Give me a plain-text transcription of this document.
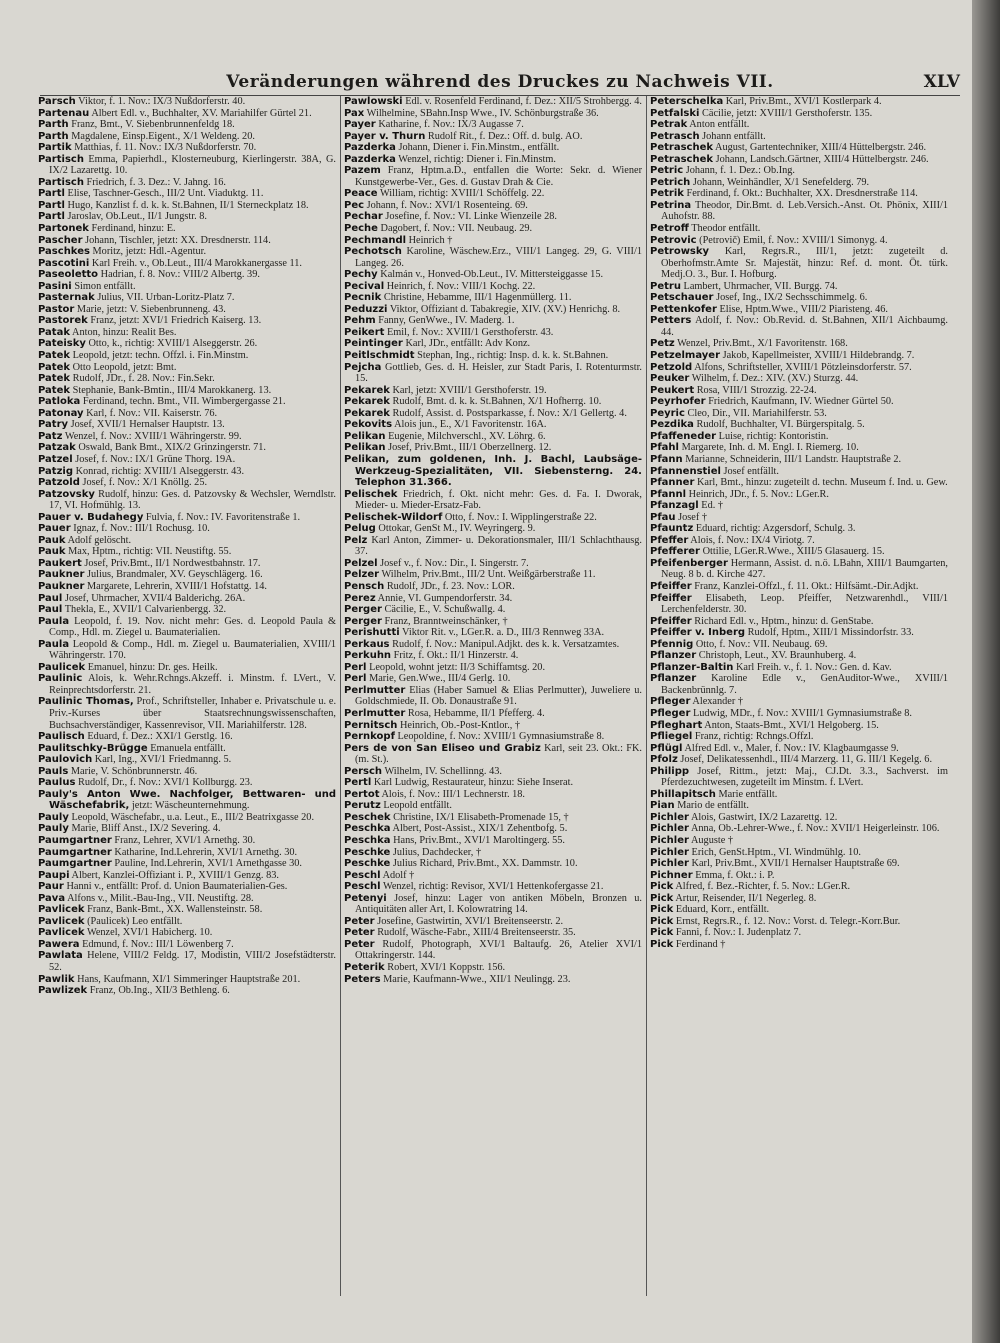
Veränderungen während des Druckes zu Nachweis VII.	XLV

Parsch Viktor, f. 1. Nov.: IX/3 Nußdorferstr. 40.

Partenau Albert Edl. v., Buchhalter, XV. Mariahilfer Gürtel 21.

Parth Franz, Bmt., V. Siebenbrunnenfeldg 18.

Parth Magdalene, Einsp.Eigent., X/1 Weldeng. 20.

Partik Matthias, f. 11. Nov.: IX/3 Nußdorferstr. 70.

Partisch Emma, Papierhdl., Klosterneuburg, Kierlingerstr. 38A, G. IX/2 Lazarettg. 10.

Partisch Friedrich, f. 3. Dez.: V. Jahng. 16.

Partl Elise, Taschner-Gesch., III/2 Unt. Viaduktg. 11.

Partl Hugo, Kanzlist f. d. k. k. St.Bahnen, II/1 Sterneckplatz 18.

Partl Jaroslav, Ob.Leut., II/1 Jungstr. 8.

Partonek Ferdinand, hinzu: E.

Pascher Johann, Tischler, jetzt: XX. Dresdnerstr. 114.

Paschkes Moritz, jetzt: Hdl.-Agentur.

Pascotini Karl Freih. v., Ob.Leut., III/4 Marokkanergasse 11.

Paseoletto Hadrian, f. 8. Nov.: VIII/2 Albertg. 39.

Pasini Simon entfällt.

Pasternak Julius, VII. Urban-Loritz-Platz 7.

Pastor Marie, jetzt: V. Siebenbrunneng. 43.

Pastorek Franz, jetzt: XVI/1 Friedrich Kaiserg. 13.

Patak Anton, hinzu: Realit Bes.

Pateisky Otto, k., richtig: XVIII/1 Alseggerstr. 26.

Patek Leopold, jetzt: techn. Offzl. i. Fin.Minstm.

Patek Otto Leopold, jetzt: Bmt.

Patek Rudolf, JDr., f. 28. Nov.: Fin.Sekr.

Patek Stephanie, Bank-Bmtin., III/4 Marokkanerg. 13.

Patloka Ferdinand, techn. Bmt., VII. Wimbergergasse 21.

Patonay Karl, f. Nov.: VII. Kaiserstr. 76.

Patry Josef, XVII/1 Hernalser Hauptstr. 13.

Patz Wenzel, f. Nov.: XVIII/1 Währingerstr. 99.

Patzak Oswald, Bank Bmt., XIX/2 Grinzingerstr. 71.

Patzel Josef, f. Nov.: IX/1 Grüne Thorg. 19A.

Patzig Konrad, richtig: XVIII/1 Alseggerstr. 43.

Patzold Josef, f. Nov.: X/1 Knöllg. 25.

Patzovsky Rudolf, hinzu: Ges. d. Patzovsky & Wechsler, Werndlstr. 17, VI. Hofmühlg. 13.

Pauer v. Budahegy Fulvia, f. Nov.: IV. Favoritenstraße 1.

Pauer Ignaz, f. Nov.: III/1 Rochusg. 10.

Pauk Adolf gelöscht.

Pauk Max, Hptm., richtig: VII. Neustiftg. 55.

Paukert Josef, Priv.Bmt., II/1 Nordwestbahnstr. 17.

Paukner Julius, Brandmaler, XV. Geyschlägerg. 16.

Paukner Margarete, Lehrerin, XVIII/1 Hofstattg. 14.

Paul Josef, Uhrmacher, XVII/4 Balderichg. 26A.

Paul Thekla, E., XVII/1 Calvarienbergg. 32.

Paula Leopold, f. 19. Nov. nicht mehr: Ges. d. Leopold Paula & Comp., Hdl. m. Ziegel u. Baumaterialien.

Paula Leopold & Comp., Hdl. m. Ziegel u. Baumaterialien, XVIII/1 Währingerstr. 170.

Paulicek Emanuel, hinzu: Dr. ges. Heilk.

Paulinic Alois, k. Wehr.Rchngs.Akzeff. i. Minstm. f. LVert., V. Reinprechtsdorferstr. 21.

Paulinic Thomas, Prof., Schriftsteller, Inhaber e. Privatschule u. e. Priv.-Kurses über Staatsrechnungswissenschaften, Buchsachverständiger, Kassenrevisor, VII. Mariahilferstr. 128.

Paulisch Eduard, f. Dez.: XXI/1 Gerstlg. 16.

Paulitschky-Brügge Emanuela entfällt.

Paulovich Karl, Ing., XVI/1 Friedmanng. 5.

Pauls Marie, V. Schönbrunnerstr. 46.

Paulus Rudolf, Dr., f. Nov.: XVI/1 Kollburgg. 23.

Pauly's Anton Wwe. Nachfolger, Bettwaren- und Wäschefabrik, jetzt: Wäscheunternehmung.

Pauly Leopold, Wäschefabr., u.a. Leut., E., III/2 Beatrixgasse 20.

Pauly Marie, Bliff Anst., IX/2 Severing. 4.

Paumgartner Franz, Lehrer, XVI/1 Arnethg. 30.

Paumgartner Katharine, Ind.Lehrerin, XVI/1 Arnethg. 30.

Paumgartner Pauline, Ind.Lehrerin, XVI/1 Arnethgasse 30.

Paupi Albert, Kanzlei-Offiziant i. P., XVIII/1 Genzg. 83.

Paur Hanni v., entfällt: Prof. d. Union Baumaterialien-Ges.

Pava Alfons v., Milit.-Bau-Ing., VII. Neustiftg. 28.

Pavlicek Franz, Bank-Bmt., XX. Wallensteinstr. 58.

Pavlicek (Paulicek) Leo entfällt.

Pavlicek Wenzel, XVI/1 Habicherg. 10.

Pawera Edmund, f. Nov.: III/1 Löwenberg 7.

Pawlata Helene, VIII/2 Feldg. 17, Modistin, VIII/2 Josefstädterstr. 52.

Pawlik Hans, Kaufmann, XI/1 Simmeringer Hauptstraße 201.

Pawlizek Franz, Ob.Ing., XII/3 Bethleng. 6.

Pawlowski Edl. v. Rosenfeld Ferdinand, f. Dez.: XII/5 Strohbergg. 4.

Pax Wilhelmine, SBahn.Insp Wwe., IV. Schönburgstraße 36.

Payer Katharine, f. Nov.: IX/3 Augasse 7.

Payer v. Thurn Rudolf Rit., f. Dez.: Off. d. bulg. AO.

Pazderka Johann, Diener i. Fin.Minstm., entfällt.

Pazderka Wenzel, richtig: Diener i. Fin.Minstm.

Pazem Franz, Hptm.a.D., entfallen die Worte: Sekr. d. Wiener Kunstgewerbe-Ver., Ges. d. Gustav Drah & Cie.

Peace William, richtig: XVIII/1 Schöffelg. 22.

Pec Johann, f. Nov.: XVI/1 Rosenteing. 69.

Pechar Josefine, f. Nov.: VI. Linke Wienzeile 28.

Peche Dagobert, f. Nov.: VII. Neubaug. 29.

Pechmandl Heinrich †

Pechotsch Karoline, Wäschew.Erz., VIII/1 Langeg. 29, G. VIII/1 Langeg. 26.

Pechy Kalmán v., Honved-Ob.Leut., IV. Mittersteiggasse 15.

Pecival Heinrich, f. Nov.: VIII/1 Kochg. 22.

Pecnik Christine, Hebamme, III/1 Hagenmüllerg. 11.

Peduzzi Viktor, Offiziant d. Tabakregie, XIV. (XV.) Henrichg. 8.

Pehm Fanny, GenWwe., IV. Maderg. 1.

Peikert Emil, f. Nov.: XVIII/1 Gersthoferstr. 43.

Peintinger Karl, JDr., entfällt: Adv Konz.

Peitlschmidt Stephan, Ing., richtig: Insp. d. k. k. St.Bahnen.

Pejcha Gottlieb, Ges. d. H. Heisler, zur Stadt Paris, I. Rotenturmstr. 15.

Pekarek Karl, jetzt: XVIII/1 Gersthoferstr. 19.

Pekarek Rudolf, Bmt. d. k. k. St.Bahnen, X/1 Hofherrg. 10.

Pekarek Rudolf, Assist. d. Postsparkasse, f. Nov.: X/1 Gellertg. 4.

Pekovits Alois jun., E., X/1 Favoritenstr. 16A.

Pelikan Eugenie, Milchverschl., XV. Löhrg. 6.

Pelikan Josef, Priv.Bmt., III/1 Oberzellnerg. 12.

Pelikan, zum goldenen, Inh. J. Bachl, Laubsäge-Werkzeug-Spezialitäten, VII. Siebensterng. 24. Telephon 31.366.

Pelischek Friedrich, f. Okt. nicht mehr: Ges. d. Fa. I. Dworak, Mieder- u. Mieder-Ersatz-Fab.

Pelischek-Wildorf Otto, f. Nov.: I. Wipplingerstraße 22.

Pelug Ottokar, GenSt M., IV. Weyringerg. 9.

Pelz Karl Anton, Zimmer- u. Dekorationsmaler, III/1 Schlachthausg. 37.

Pelzel Josef v., f. Nov.: Dir., I. Singerstr. 7.

Pelzer Wilhelm, Priv.Bmt., III/2 Unt. Weißgärberstraße 11.

Pensch Rudolf, JDr., f. 23. Nov.: LOR.

Perez Annie, VI. Gumpendorferstr. 34.

Perger Cäcilie, E., V. Schußwallg. 4.

Perger Franz, Branntweinschänker, †

Perishutti Viktor Rit. v., LGer.R. a. D., III/3 Rennweg 33A.

Perkaus Rudolf, f. Nov.: Manipul.Adjkt. des k. k. Versatzamtes.

Perkuhn Fritz, f. Okt.: II/1 Hinzerstr. 4.

Perl Leopold, wohnt jetzt: II/3 Schiffamtsg. 20.

Perl Marie, Gen.Wwe., III/4 Gerlg. 10.

Perlmutter Elias (Haber Samuel & Elias Perlmutter), Juweliere u. Goldschmiede, II. Ob. Donaustraße 91.

Perlmutter Rosa, Hebamme, II/1 Pfefferg. 4.

Pernitsch Heinrich, Ob.-Post-Kntlor., †

Pernkopf Leopoldine, f. Nov.: XVIII/1 Gymnasiumstraße 8.

Pers de von San Eliseo und Grabiz Karl, seit 23. Okt.: FK. (m. St.).

Persch Wilhelm, IV. Schellinng. 43.

Pertl Karl Ludwig, Restaurateur, hinzu: Siehe Inserat.

Pertot Alois, f. Nov.: III/1 Lechnerstr. 18.

Perutz Leopold entfällt.

Peschek Christine, IX/1 Elisabeth-Promenade 15, †

Peschka Albert, Post-Assist., XIX/1 Zehentbofg. 5.

Peschka Hans, Priv.Bmt., XVI/1 Maroltingerg. 55.

Peschke Julius, Dachdecker, †

Peschke Julius Richard, Priv.Bmt., XX. Dammstr. 10.

Peschl Adolf †

Peschl Wenzel, richtig: Revisor, XVI/1 Hettenkofergasse 21.

Petenyi Josef, hinzu: Lager von antiken Möbeln, Bronzen u. Antiquitäten aller Art, I. Kolowratring 14.

Peter Josefine, Gastwirtin, XVI/1 Breitenseerstr. 2.

Peter Rudolf, Wäsche-Fabr., XIII/4 Breitenseerstr. 35.

Peter Rudolf, Photograph, XVI/1 Baltaufg. 26, Atelier XVI/1 Ottakringerstr. 144.

Peterik Robert, XVI/1 Koppstr. 156.

Peters Marie, Kaufmann-Wwe., XII/1 Neulingg. 23.

Peterschelka Karl, Priv.Bmt., XVI/1 Kostlerpark 4.

Petfalski Cäcilie, jetzt: XVIII/1 Gersthoferstr. 135.

Petrak Anton entfällt.

Petrasch Johann entfällt.

Petraschek August, Gartentechniker, XIII/4 Hüttelbergstr. 246.

Petraschek Johann, Landsch.Gärtner, XIII/4 Hüttelbergstr. 246.

Petric Johann, f. 1. Dez.: Ob.Ing.

Petrich Johann, Weinhändler, X/1 Senefelderg. 79.

Petrik Ferdinand, f. Okt.: Buchhalter, XX. Dresdnerstraße 114.

Petrina Theodor, Dir.Bmt. d. Leb.Versich.-Anst. Ot. Phönix, XIII/1 Auhofstr. 88.

Petroff Theodor entfällt.

Petrovic (Petrovič) Emil, f. Nov.: XVIII/1 Simonyg. 4.

Petrowsky Karl, Regrs.R., III/1, jetzt: zugeteilt d. Oberhofmstr.Amte Sr. Majestät, hinzu: Ref. d. mont. Öt. türk. Medj.O. 3., Bur. I. Hofburg.

Petru Lambert, Uhrmacher, VII. Burgg. 74.

Petschauer Josef, Ing., IX/2 Sechsschimmelg. 6.

Pettenkofer Elise, Hptm.Wwe., VIII/2 Piaristeng. 46.

Petters Adolf, f. Nov.: Ob.Revid. d. St.Bahnen, XII/1 Aichbaumg. 44.

Petz Wenzel, Priv.Bmt., X/1 Favoritenstr. 168.

Petzelmayer Jakob, Kapellmeister, XVIII/1 Hildebrandg. 7.

Petzold Alfons, Schriftsteller, XVIII/1 Pötzleinsdorferstr. 57.

Peuker Wilhelm, f. Dez.: XIV. (XV.) Sturzg. 44.

Peukert Rosa, VIII/1 Strozzig. 22-24.

Peyrhofer Friedrich, Kaufmann, IV. Wiedner Gürtel 50.

Peyric Cleo, Dir., VII. Mariahilferstr. 53.

Pezdika Rudolf, Buchhalter, VI. Bürgerspitalg. 5.

Pfaffeneder Luise, richtig: Kontoristin.

Pfahl Margarete, Inh. d. M. Engl. I. Riemerg. 10.

Pfann Marianne, Schneiderin, III/1 Landstr. Hauptstraße 2.

Pfannenstiel Josef entfällt.

Pfanner Karl, Bmt., hinzu: zugeteilt d. techn. Museum f. Ind. u. Gew.

Pfannl Heinrich, JDr., f. 5. Nov.: LGer.R.

Pfanzagl Ed. †

Pfau Josef †

Pfauntz Eduard, richtig: Azgersdorf, Schulg. 3.

Pfeffer Alois, f. Nov.: IX/4 Viriotg. 7.

Pfefferer Ottilie, LGer.R.Wwe., XIII/5 Glasauerg. 15.

Pfeifenberger Hermann, Assist. d. n.ö. LBahn, XIII/1 Baumgarten, Neug. 8 b. d. Kirche 427.

Pfeiffer Franz, Kanzlei-Offzl., f. 11. Okt.: Hilfsämt.-Dir.Adjkt.

Pfeiffer Elisabeth, Leop. Pfeiffer, Netzwarenhdl., VIII/1 Lerchenfelderstr. 30.

Pfeiffer Richard Edl. v., Hptm., hinzu: d. GenStabe.

Pfeiffer v. Inberg Rudolf, Hptm., XIII/1 Missindorfstr. 33.

Pfennig Otto, f. Nov.: VII. Neubaug. 69.

Pflanzer Christoph, Leut., XV. Braunhuberg. 4.

Pflanzer-Baltin Karl Freih. v., f. 1. Nov.: Gen. d. Kav.

Pflanzer Karoline Edle v., GenAuditor-Wwe., XVIII/1 Backenbrünnlg. 7.

Pfleger Alexander †

Pfleger Ludwig, MDr., f. Nov.: XVIII/1 Gymnasiumstraße 8.

Pfleghart Anton, Staats-Bmt., XVI/1 Helgoberg. 15.

Pfliegel Franz, richtig: Rchngs.Offzl.

Pflügl Alfred Edl. v., Maler, f. Nov.: IV. Klagbaumgasse 9.

Pfolz Josef, Delikatessenhdl., III/4 Marzerg. 11, G. III/1 Kegelg. 6.

Philipp Josef, Rittm., jetzt: Maj., CJ.Dt. 3.3., Sachverst. im Pferdezuchtwesen, zugeteilt im Minstm. f. LVert.

Phillapitsch Marie entfällt.

Pian Mario de entfällt.

Pichler Alois, Gastwirt, IX/2 Lazarettg. 12.

Pichler Anna, Ob.-Lehrer-Wwe., f. Nov.: XVII/1 Heigerleinstr. 106.

Pichler Auguste †

Pichler Erich, GenSt.Hptm., VI. Windmühlg. 10.

Pichler Karl, Priv.Bmt., XVII/1 Hernalser Hauptstraße 69.

Pichner Emma, f. Okt.: i. P.

Pick Alfred, f. Bez.-Richter, f. 5. Nov.: LGer.R.

Pick Artur, Reisender, II/1 Negerleg. 8.

Pick Eduard, Korr., entfällt.

Pick Ernst, Regrs.R., f. 12. Nov.: Vorst. d. Telegr.-Korr.Bur.

Pick Fanni, f. Nov.: I. Judenplatz 7.

Pick Ferdinand †
